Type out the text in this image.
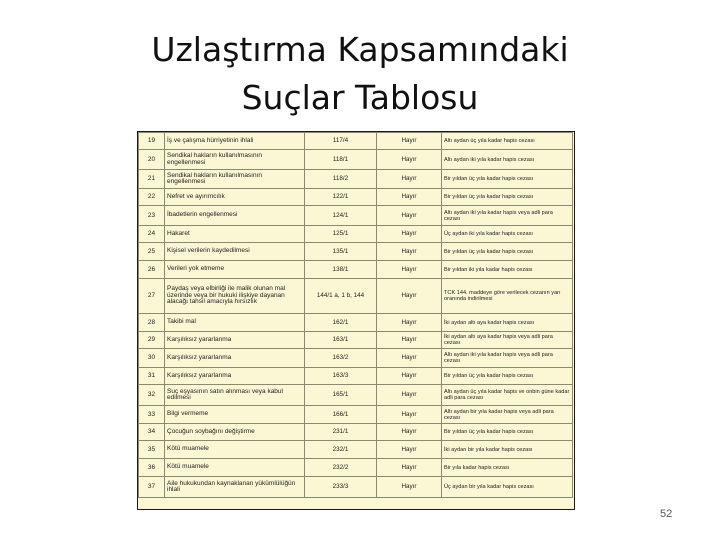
Uzlaştırma Kapsamındaki
Suçlar Tablosu
19	İş ve çalışma hürriyetinin ihlali	117/4	Hayır	Altı aydan üç yıla kadar hapis cezası
20	Sendikal hakların kullanılmasının engellenmesi	118/1	Hayır	Altı aydan iki yıla kadar hapis cezası
21	Sendikal hakların kullanılmasının engellenmesi	118/2	Hayır	Bir yıldan üç yıla kadar hapis cezası
22	Nefret ve ayırımcılık	122/1	Hayır	Bir yıldan üç yıla kadar hapis cezası
23	İbadetlerin engellenmesi	124/1	Hayır	Altı aydan iki yıla kadar hapis veya adli para cezası
24	Hakaret	125/1	Hayır	Üç aydan iki yıla kadar hapis cezası
25	Kişisel verilerin kaydedilmesi	135/1	Hayır	Bir yıldan üç yıla kadar hapis cezası
26	Verileri yok etmeme	138/1	Hayır	Bir yıldan iki yıla kadar hapis cezası
27	Paydaş veya elbirliği ile malik olunan mal üzerinde veya bir hukuki ilişkiye dayanan alacağı tahsil amacıyla hırsızlık	144/1 a, 1 b, 144	Hayır	TCK 144. maddeye göre verilecek cezanın yarı oranında indirilmesi
28	Takibi mal	162/1	Hayır	İki aydan altı aya kadar hapis cezası
29	Karşılıksız yararlanma	163/1	Hayır	İki aydan altı aya kadar hapis veya adli para cezası
30	Karşılıksız yararlanma	163/2	Hayır	Altı aydan iki yıla kadar hapis veya adli para cezası
31	Karşılıksız yararlanma	163/3	Hayır	Bir yıldan üç yıla kadar hapis cezası
32	Suç eşyasının satın alınması veya kabul edilmesi	165/1	Hayır	Altı aydan üç yıla kadar hapis ve onbin güne kadar adli para cezası
33	Bilgi vermeme	166/1	Hayır	Altı aydan bir yıla kadar hapis veya adli para cezası
34	Çocuğun soybağını değiştirme	231/1	Hayır	Bir yıldan üç yıla kadar hapis cezası
35	Kötü muamele	232/1	Hayır	İki aydan bir yıla kadar hapis cezası
36	Kötü muamele	232/2	Hayır	Bir yıla kadar hapis cezası
37	Aile hukukundan kaynaklanan yükümlülüğün ihlali	233/3	Hayır	Üç aydan bir yıla kadar hapis cezası
52
